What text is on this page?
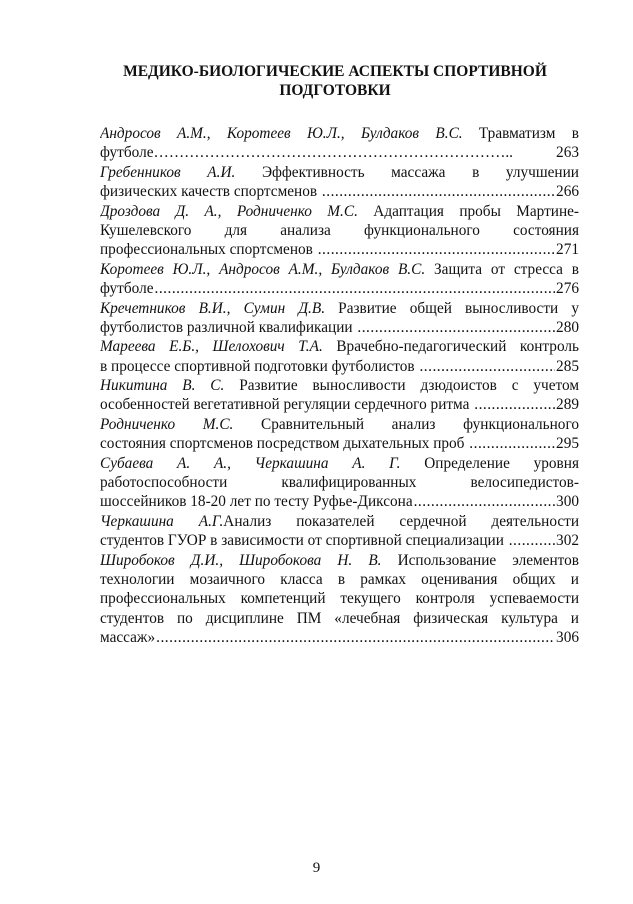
МЕДИКО-БИОЛОГИЧЕСКИЕ АСПЕКТЫ СПОРТИВНОЙ
ПОДГОТОВКИ
Андросов А.М., Коротеев Ю.Л., Булдаков В.С. Травматизм в
футболе ……………………………………………………………..	263
Гребенников А.И. Эффективность массажа в улучшении
физических качеств спортсменов .....	266
Дроздова Д. А., Родниченко М.С. Адаптация пробы Мартине-
Кушелевского для анализа функционального состояния
профессиональных спортсменов .....	271
Коротеев Ю.Л., Андросов А.М., Булдаков В.С. Защита от стресса в
футболе .....	276
Кречетников В.И., Сумин Д.В. Развитие общей выносливости у
футболистов различной квалификации .....	280
Мареева Е.Б., Шелохович Т.А. Врачебно-педагогический контроль
в процессе спортивной подготовки футболистов .....	285
Никитина В. С. Развитие выносливости дзюдоистов с учетом
особенностей вегетативной регуляции сердечного ритма .....	289
Родниченко М.С. Сравнительный анализ функционального
состояния спортсменов посредством дыхательных проб .....	295
Субаева А. А., Черкашина А. Г. Определение уровня
работоспособности квалифицированных велосипедистов-
шоссейников 18-20 лет по тесту Руфье-Диксона .....	300
Черкашина А.Г.Анализ показателей сердечной деятельности
студентов ГУОР в зависимости от спортивной специализации .....	302
Широбоков Д.И., Широбокова Н. В. Использование элементов
технологии мозаичного класса в рамках оценивания общих и
профессиональных компетенций текущего контроля успеваемости
студентов по дисциплине ПМ «лечебная физическая культура и
массаж» .....	306
9
